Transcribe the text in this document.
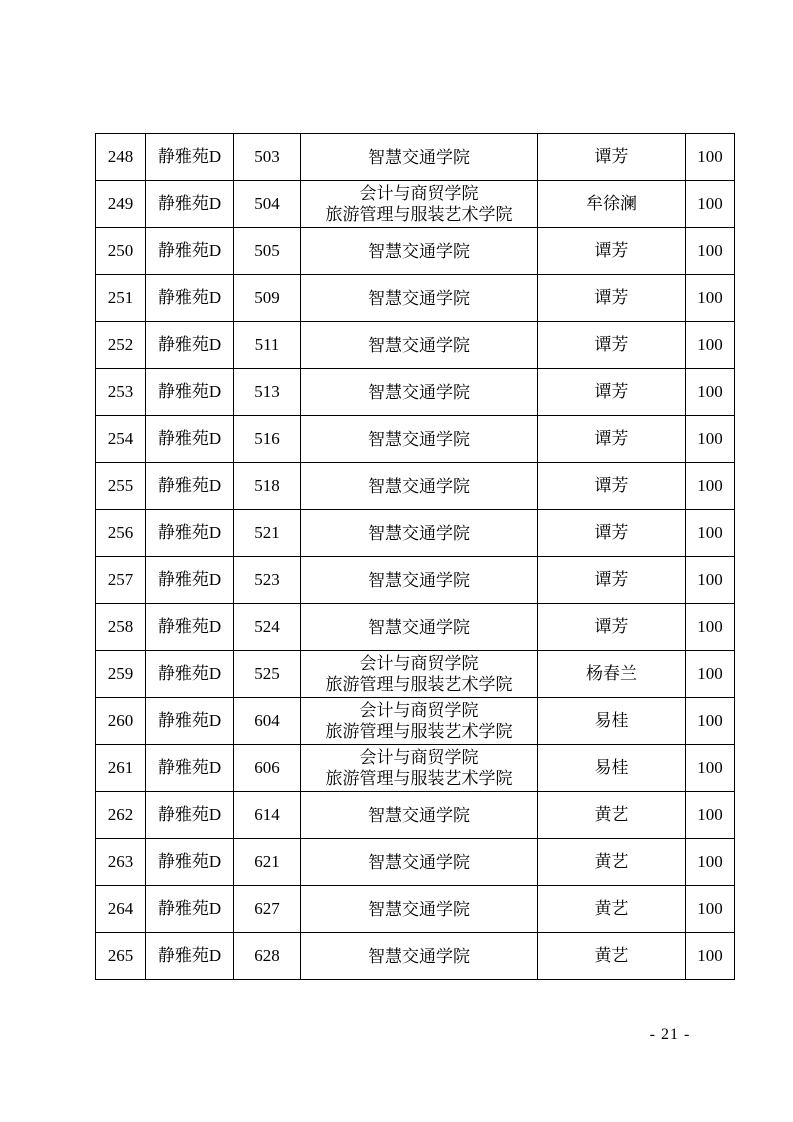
248	静雅苑D	503	智慧交通学院	谭芳	100
249	静雅苑D	504	会计与商贸学院
旅游管理与服装艺术学院	牟徐澜	100
250	静雅苑D	505	智慧交通学院	谭芳	100
251	静雅苑D	509	智慧交通学院	谭芳	100
252	静雅苑D	511	智慧交通学院	谭芳	100
253	静雅苑D	513	智慧交通学院	谭芳	100
254	静雅苑D	516	智慧交通学院	谭芳	100
255	静雅苑D	518	智慧交通学院	谭芳	100
256	静雅苑D	521	智慧交通学院	谭芳	100
257	静雅苑D	523	智慧交通学院	谭芳	100
258	静雅苑D	524	智慧交通学院	谭芳	100
259	静雅苑D	525	会计与商贸学院
旅游管理与服装艺术学院	杨春兰	100
260	静雅苑D	604	会计与商贸学院
旅游管理与服装艺术学院	易桂	100
261	静雅苑D	606	会计与商贸学院
旅游管理与服装艺术学院	易桂	100
262	静雅苑D	614	智慧交通学院	黄艺	100
263	静雅苑D	621	智慧交通学院	黄艺	100
264	静雅苑D	627	智慧交通学院	黄艺	100
265	静雅苑D	628	智慧交通学院	黄艺	100
- 21 -
